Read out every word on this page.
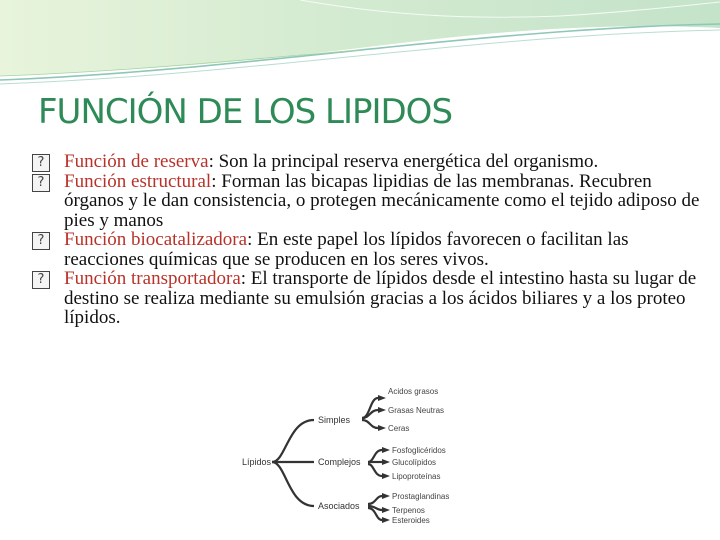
FUNCIÓN DE LOS LIPIDOS
? Función de reserva: Son la principal reserva energética del organismo.
? Función estructural: Forman las bicapas lipidias de las membranas. Recubren órganos y le dan consistencia, o protegen mecánicamente como el tejido adiposo de pies y manos
? Función biocatalizadora: En este papel los lípidos favorecen o facilitan las reacciones químicas que se producen en los seres vivos.
? Función transportadora: El transporte de lípidos desde el intestino hasta su lugar de destino se realiza mediante su emulsión gracias a los ácidos biliares y a los proteo lípidos.
Lípidos
Simples
Complejos
Asociados
Acidos grasos
Grasas Neutras
Ceras
Fosfoglicéridos
Glucolípidos
Lipoproteínas
Prostaglandinas
Terpenos
Esteroides
